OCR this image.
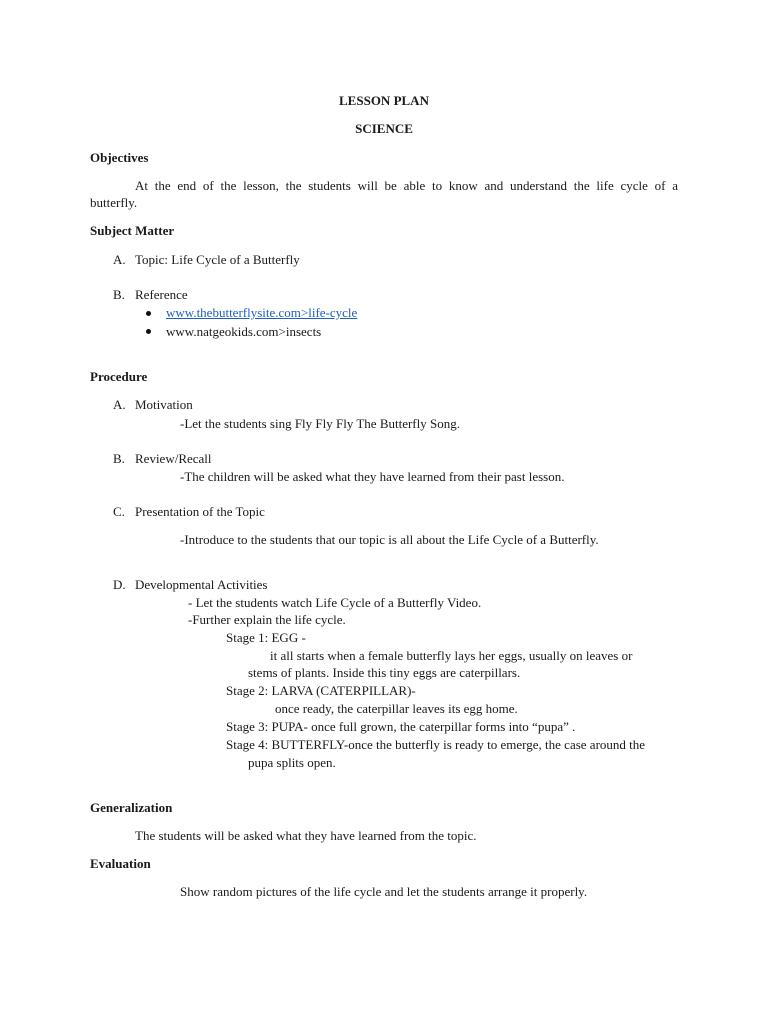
LESSON PLAN
SCIENCE
Objectives
At the end of the lesson, the students will be able to know and understand the life cycle of a
butterfly.
Subject Matter
A. Topic: Life Cycle of a Butterfly
B. Reference
www.thebutterflysite.com>life-cycle
www.natgeokids.com>insects
Procedure
A. Motivation
-Let the students sing Fly Fly Fly The Butterfly Song.
B. Review/Recall
-The children will be asked what they have learned from their past lesson.
C. Presentation of the Topic
-Introduce to the students that our topic is all about the Life Cycle of a Butterfly.
D. Developmental Activities
- Let the students watch Life Cycle of a Butterfly Video.
-Further explain the life cycle.
Stage 1: EGG -
it all starts when a female butterfly lays her eggs, usually on leaves or
stems of plants. Inside this tiny eggs are caterpillars.
Stage 2: LARVA (CATERPILLAR)-
once ready, the caterpillar leaves its egg home.
Stage 3: PUPA- once full grown, the caterpillar forms into “pupa” .
Stage 4: BUTTERFLY-once the butterfly is ready to emerge, the case around the
pupa splits open.
Generalization
The students will be asked what they have learned from the topic.
Evaluation
Show random pictures of the life cycle and let the students arrange it properly.
